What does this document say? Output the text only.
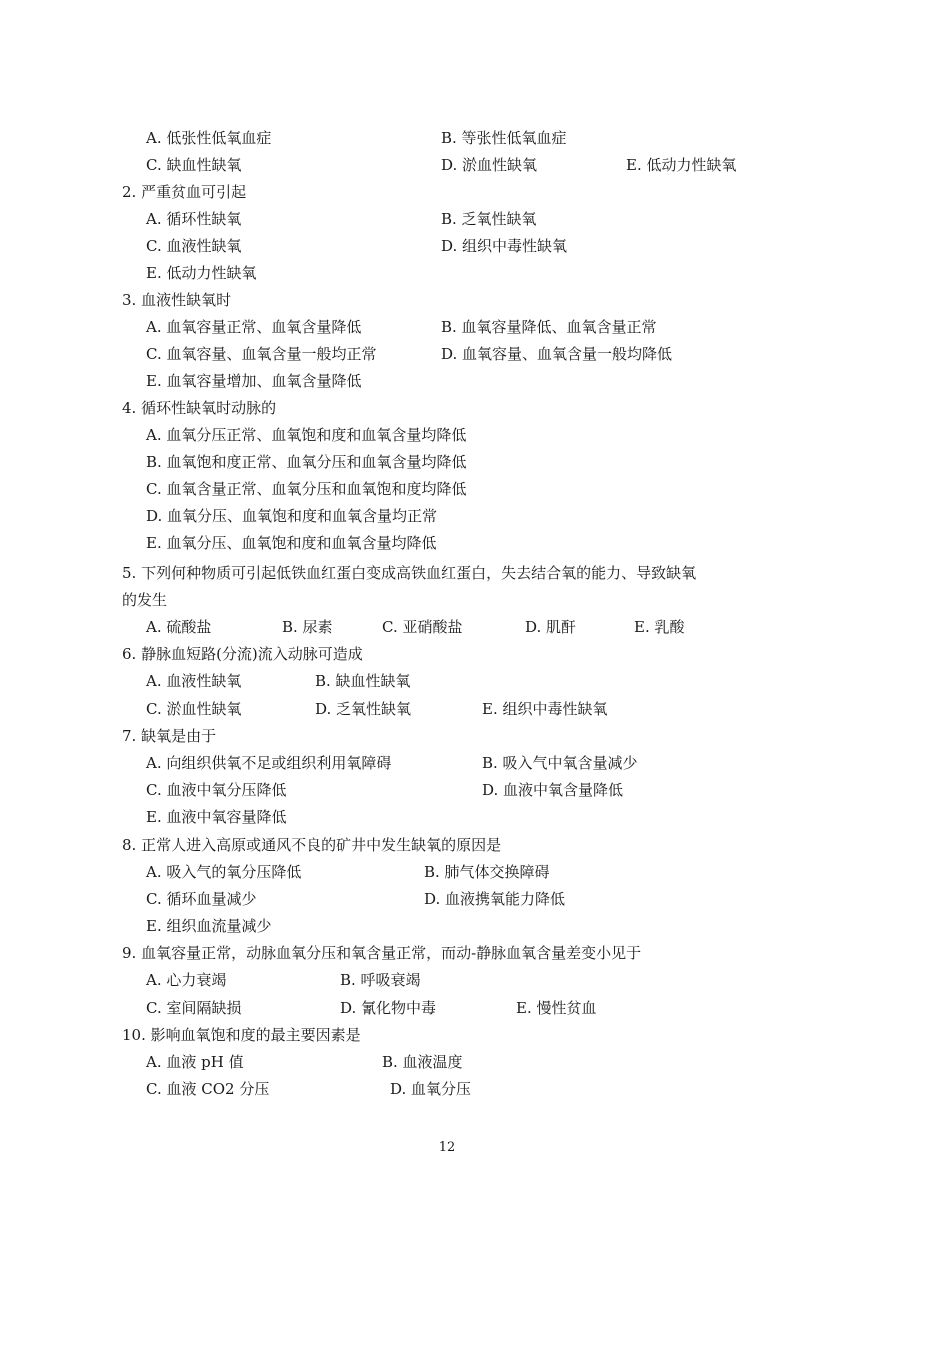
A. 低张性低氧血症	B. 等张性低氧血症
C. 缺血性缺氧	D. 淤血性缺氧	E. 低动力性缺氧
2. 严重贫血可引起
A. 循环性缺氧	B. 乏氧性缺氧
C. 血液性缺氧	D. 组织中毒性缺氧
E. 低动力性缺氧
3. 血液性缺氧时
A. 血氧容量正常、血氧含量降低	B. 血氧容量降低、血氧含量正常
C. 血氧容量、血氧含量一般均正常	D. 血氧容量、血氧含量一般均降低
E. 血氧容量增加、血氧含量降低
4. 循环性缺氧时动脉的
A. 血氧分压正常、血氧饱和度和血氧含量均降低
B. 血氧饱和度正常、血氧分压和血氧含量均降低
C. 血氧含量正常、血氧分压和血氧饱和度均降低
D. 血氧分压、血氧饱和度和血氧含量均正常
E. 血氧分压、血氧饱和度和血氧含量均降低
5. 下列何种物质可引起低铁血红蛋白变成高铁血红蛋白，失去结合氧的能力、导致缺氧
的发生
A. 硫酸盐	B. 尿素	C. 亚硝酸盐	D. 肌酐	E. 乳酸
6. 静脉血短路(分流)流入动脉可造成
A. 血液性缺氧	B. 缺血性缺氧
C. 淤血性缺氧	D. 乏氧性缺氧	E. 组织中毒性缺氧
7. 缺氧是由于
A. 向组织供氧不足或组织利用氧障碍	B. 吸入气中氧含量减少
C. 血液中氧分压降低	D. 血液中氧含量降低
E. 血液中氧容量降低
8. 正常人进入高原或通风不良的矿井中发生缺氧的原因是
A. 吸入气的氧分压降低	B. 肺气体交换障碍
C. 循环血量减少	D. 血液携氧能力降低
E. 组织血流量减少
9. 血氧容量正常，动脉血氧分压和氧含量正常，而动-静脉血氧含量差变小见于
A. 心力衰竭	B. 呼吸衰竭
C. 室间隔缺损	D. 氰化物中毒	E. 慢性贫血
10. 影响血氧饱和度的最主要因素是
A. 血液 pH 值	B. 血液温度
C. 血液 CO2 分压	D. 血氧分压
12
